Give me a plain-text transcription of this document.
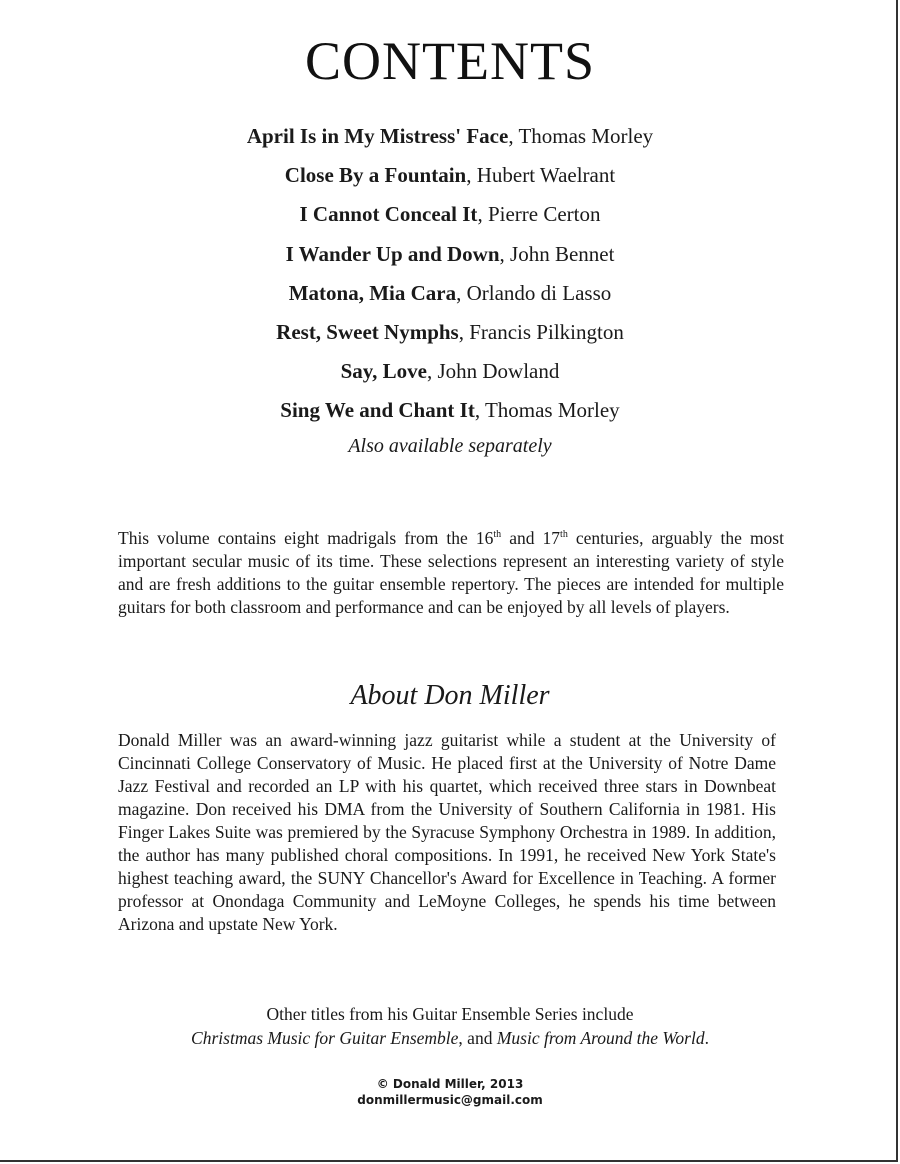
CONTENTS
April Is in My Mistress' Face, Thomas Morley
Close By a Fountain, Hubert Waelrant
I Cannot Conceal It, Pierre Certon
I Wander Up and Down, John Bennet
Matona, Mia Cara, Orlando di Lasso
Rest, Sweet Nymphs, Francis Pilkington
Say, Love, John Dowland
Sing We and Chant It, Thomas Morley
Also available separately

This volume contains eight madrigals from the 16th and 17th centuries, arguably the most important secular music of its time. These selections represent an interesting variety of style and are fresh additions to the guitar ensemble repertory. The pieces are intended for multiple guitars for both classroom and performance and can be enjoyed by all levels of players.

About Don Miller

Donald Miller was an award-winning jazz guitarist while a student at the University of Cincinnati College Conservatory of Music. He placed first at the University of Notre Dame Jazz Festival and recorded an LP with his quartet, which received three stars in Downbeat magazine. Don received his DMA from the University of Southern California in 1981. His Finger Lakes Suite was premiered by the Syracuse Symphony Orchestra in 1989. In addition, the author has many published choral compositions. In 1991, he received New York State's highest teaching award, the SUNY Chancellor's Award for Excellence in Teaching. A former professor at Onondaga Community and LeMoyne Colleges, he spends his time between Arizona and upstate New York.

Other titles from his Guitar Ensemble Series include
Christmas Music for Guitar Ensemble, and Music from Around the World.
© Donald Miller, 2013
donmillermusic@gmail.com
